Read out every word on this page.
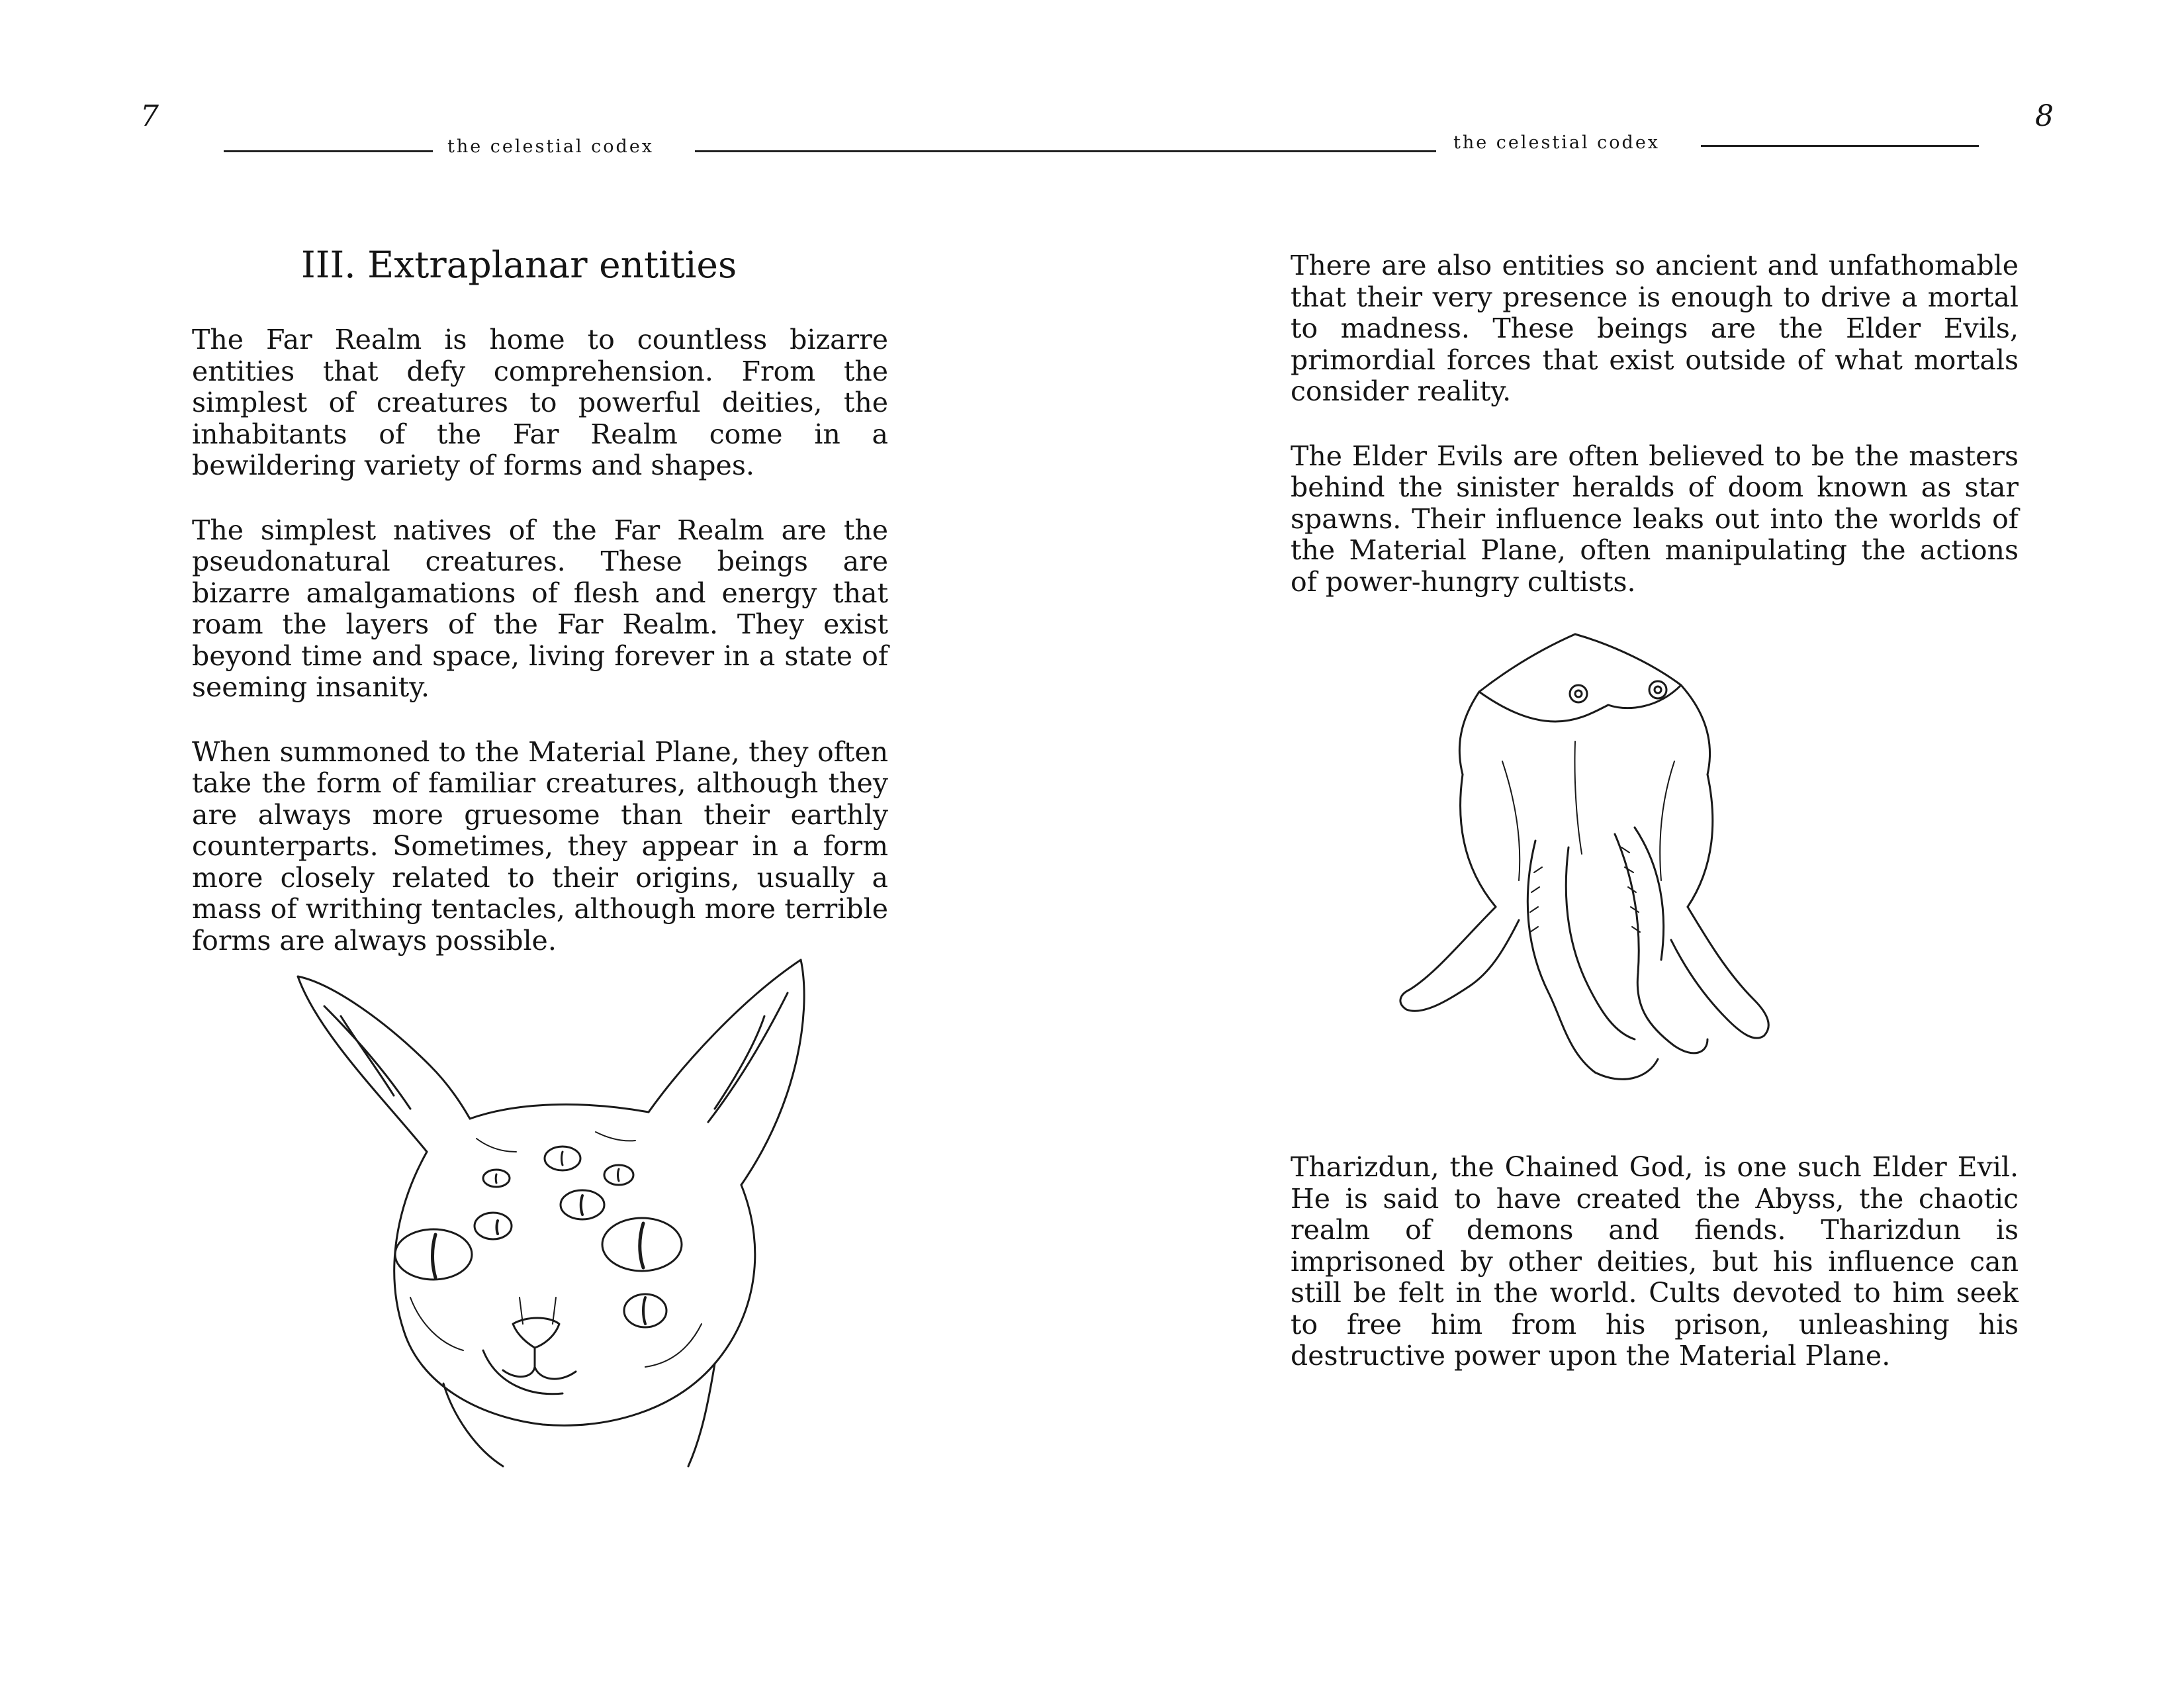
7	8
the celestial codex	the celestial codex
III. Extraplanar entities

The Far Realm is home to countless bizarre entities that defy comprehension. From the simplest of creatures to powerful deities, the inhabitants of the Far Realm come in a bewildering variety of forms and shapes.

The simplest natives of the Far Realm are the pseudonatural creatures. These beings are bizarre amalgamations of flesh and energy that roam the layers of the Far Realm. They exist beyond time and space, living forever in a state of seeming insanity.

When summoned to the Material Plane, they often take the form of familiar creatures, although they are always more gruesome than their earthly counterparts. Sometimes, they appear in a form more closely related to their origins, usually a mass of writhing tentacles, although more terrible forms are always possible.

There are also entities so ancient and unfathomable that their very presence is enough to drive a mortal to madness. These beings are the Elder Evils, primordial forces that exist outside of what mortals consider reality.

The Elder Evils are often believed to be the masters behind the sinister heralds of doom known as star spawns. Their influence leaks out into the worlds of the Material Plane, often manipulating the actions of power-hungry cultists.

Tharizdun, the Chained God, is one such Elder Evil. He is said to have created the Abyss, the chaotic realm of demons and fiends. Tharizdun is imprisoned by other deities, but his influence can still be felt in the world. Cults devoted to him seek to free him from his prison, unleashing his destructive power upon the Material Plane.
